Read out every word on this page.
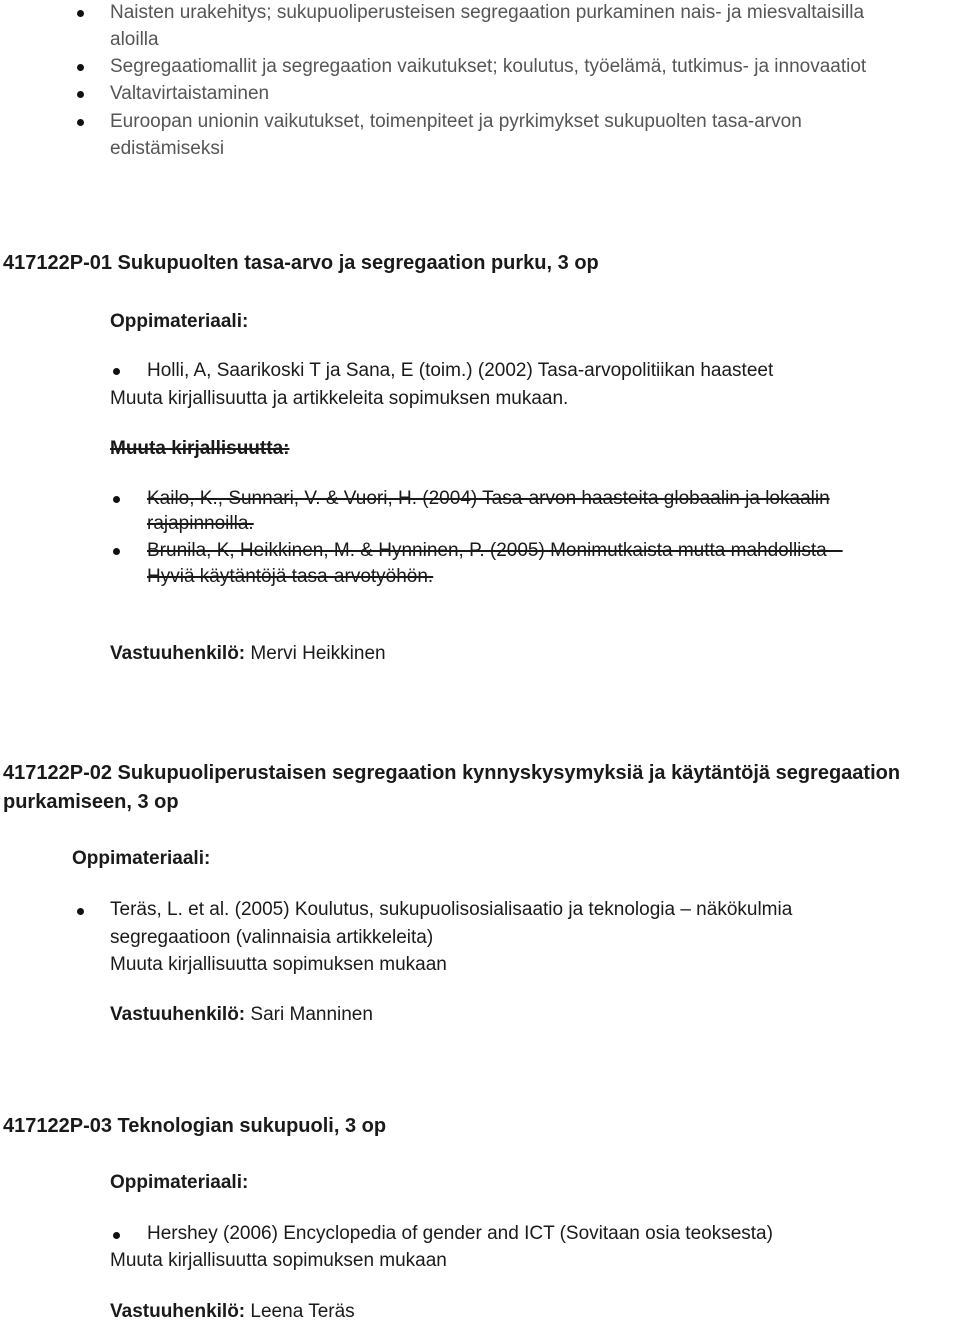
Naisten urakehitys; sukupuoliperusteisen segregaation purkaminen nais- ja miesvaltaisilla
aloilla
Segregaatiomallit ja segregaation vaikutukset; koulutus, työelämä, tutkimus- ja innovaatiot
Valtavirtaistaminen
Euroopan unionin vaikutukset, toimenpiteet ja pyrkimykset sukupuolten tasa-arvon
edistämiseksi
417122P-01 Sukupuolten tasa-arvo ja segregaation purku, 3 op
Oppimateriaali:
Holli, A, Saarikoski T ja Sana, E (toim.) (2002) Tasa-arvopolitiikan haasteet
Muuta kirjallisuutta ja artikkeleita sopimuksen mukaan.
Muuta kirjallisuutta:
Kailo, K., Sunnari, V. & Vuori, H. (2004) Tasa-arvon haasteita globaalin ja lokaalin
rajapinnoilla.
Brunila, K, Heikkinen, M. & Hynninen, P. (2005) Monimutkaista mutta mahdollista –
Hyviä käytäntöjä tasa-arvotyöhön.
Vastuuhenkilö: Mervi Heikkinen
417122P-02 Sukupuoliperustaisen segregaation kynnyskysymyksiä ja käytäntöjä segregaation
purkamiseen, 3 op
Oppimateriaali:
Teräs, L. et al. (2005) Koulutus, sukupuolisosialisaatio ja teknologia – näkökulmia
segregaatioon (valinnaisia artikkeleita)
Muuta kirjallisuutta sopimuksen mukaan
Vastuuhenkilö: Sari Manninen
417122P-03 Teknologian sukupuoli, 3 op
Oppimateriaali:
Hershey (2006) Encyclopedia of gender and ICT (Sovitaan osia teoksesta)
Muuta kirjallisuutta sopimuksen mukaan
Vastuuhenkilö: Leena Teräs
